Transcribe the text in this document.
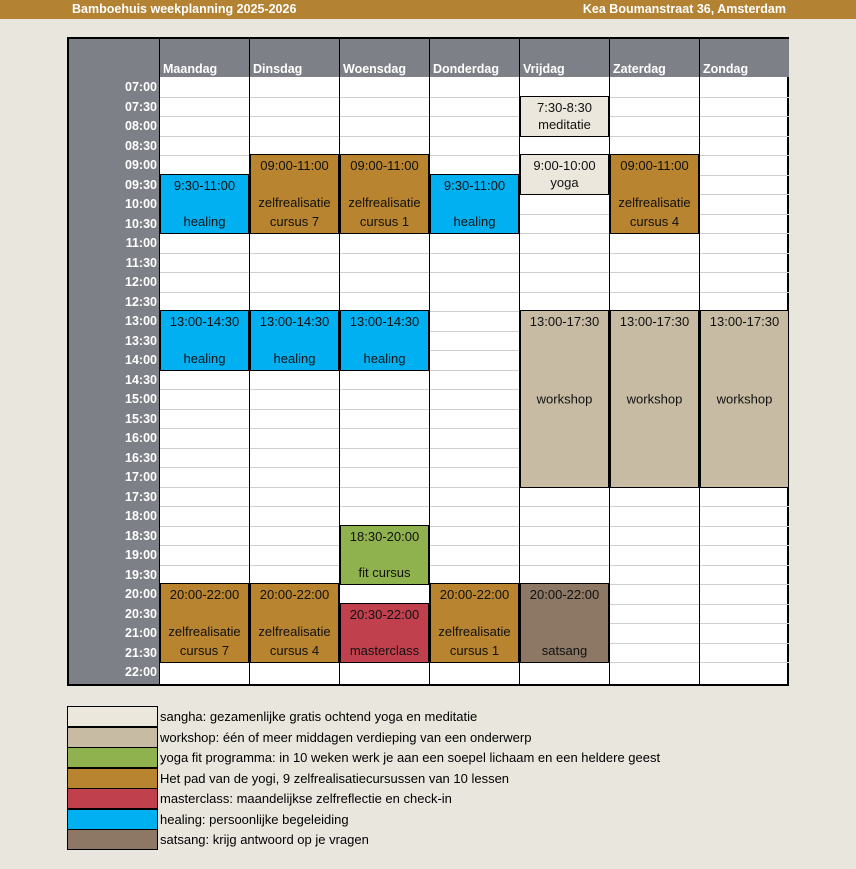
Bamboehuis weekplanning 2025-2026	Kea Boumanstraat 36, Amsterdam
07:00
07:30
08:00
08:30
09:00
09:30
10:00
10:30
11:00
11:30
12:00
12:30
13:00
13:30
14:00
14:30
15:00
15:30
16:00
16:30
17:00
17:30
18:00
18:30
19:00
19:30
20:00
20:30
21:00
21:30
22:00
Maandag
9:30-11:00
healing
13:00-14:30
healing
20:00-22:00
zelfrealisatie cursus 7
Dinsdag
09:00-11:00
zelfrealisatie cursus 7
13:00-14:30
healing
20:00-22:00
zelfrealisatie cursus 4
Woensdag
09:00-11:00
zelfrealisatie cursus 1
13:00-14:30
healing
18:30-20:00
fit cursus
20:30-22:00
masterclass
Donderdag
9:30-11:00
healing
20:00-22:00
zelfrealisatie cursus 1
Vrijdag
7:30-8:30
meditatie
9:00-10:00
yoga
13:00-17:30
workshop
20:00-22:00
satsang
Zaterdag
09:00-11:00
zelfrealisatie cursus 4
13:00-17:30
workshop
Zondag
13:00-17:30
workshop
sangha: gezamenlijke gratis ochtend yoga en meditatie
workshop: één of meer middagen verdieping van een onderwerp
yoga fit programma: in 10 weken werk je aan een soepel lichaam en een heldere geest
Het pad van de yogi, 9 zelfrealisatiecursussen van 10 lessen
masterclass: maandelijkse zelfreflectie en check-in
healing: persoonlijke begeleiding
satsang: krijg antwoord op je vragen
